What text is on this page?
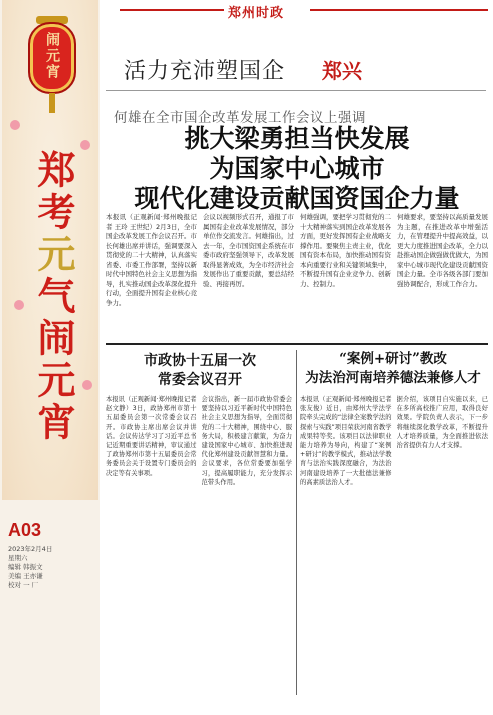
闹元宵
郑考元气闹元宵
A03
2023年2月4日
星期六
编辑 韩振文
美编 王亦谦
校对 一 厂
郑州时政
活力充沛塑国企 郑兴
何雄在全市国企改革发展工作会议上强调
挑大梁勇担当快发展
为国家中心城市
现代化建设贡献国资国企力量

本报讯（正观新闻·郑州晚报记者 王玲 王世纪）2月3日，全市国企改革发展工作会议召开。市长何雄出席并讲话，强调要深入贯彻党的二十大精神，认真落实省委、市委工作部署，坚持以新时代中国特色社会主义思想为指导，扎实推动国企改革深化提升行动，全面提升国有企业核心竞争力。

会议以视频形式召开，通报了市属国有企业改革发展情况，部分单位作交流发言。何雄指出，过去一年，全市国资国企系统在市委市政府坚强领导下，改革发展取得显著成效，为全市经济社会发展作出了重要贡献，要总结经验、再接再厉。

何雄强调，要把学习贯彻党的二十大精神落实到国企改革发展各方面，更好发挥国有企业战略支撑作用。要聚焦主责主业，优化国有资本布局，加快推动国有资本向重要行业和关键领域集中，不断提升国有企业竞争力、创新力、控制力。

何雄要求，要坚持以高质量发展为主题，在推进改革中增强活力，在管理提升中提高效益，以更大力度推进国企改革，全力以赴推动国企做强做优做大，为国家中心城市现代化建设贡献国资国企力量。全市各级各部门要加强协调配合，形成工作合力。

市政协十五届一次
常委会议召开

本报讯（正观新闻·郑州晚报记者 赵文静）3日，政协郑州市第十五届委员会第一次常委会议召开。市政协主席出席会议并讲话。会议传达学习了习近平总书记近期重要讲话精神，审议通过了政协郑州市第十五届委员会常务委员会关于设置专门委员会的决定等有关事项。

会议指出，新一届市政协常委会要坚持以习近平新时代中国特色社会主义思想为指导，全面贯彻党的二十大精神，围绕中心、服务大局，积极建言献策，为奋力建设国家中心城市、加快推进现代化郑州建设贡献智慧和力量。会议要求，各位常委要加强学习，提高履职能力，充分发挥示范带头作用。

“案例+研讨”教改
为法治河南培养德法兼修人才

本报讯（正观新闻·郑州晚报记者 张友俊）近日，由郑州大学法学院牵头完成的“法律全案教学法的探索与实践”项目荣获河南省教学成果特等奖。该项目以法律职业能力培养为导向，构建了“案例+研讨”的教学模式，推动法学教育与法治实践深度融合，为法治河南建设培养了一大批德法兼修的高素质法治人才。

据介绍，该项目自实施以来，已在多所高校推广应用，取得良好效果。学院负责人表示，下一步将继续深化教学改革，不断提升人才培养质量，为全面推进依法治省提供有力人才支撑。
